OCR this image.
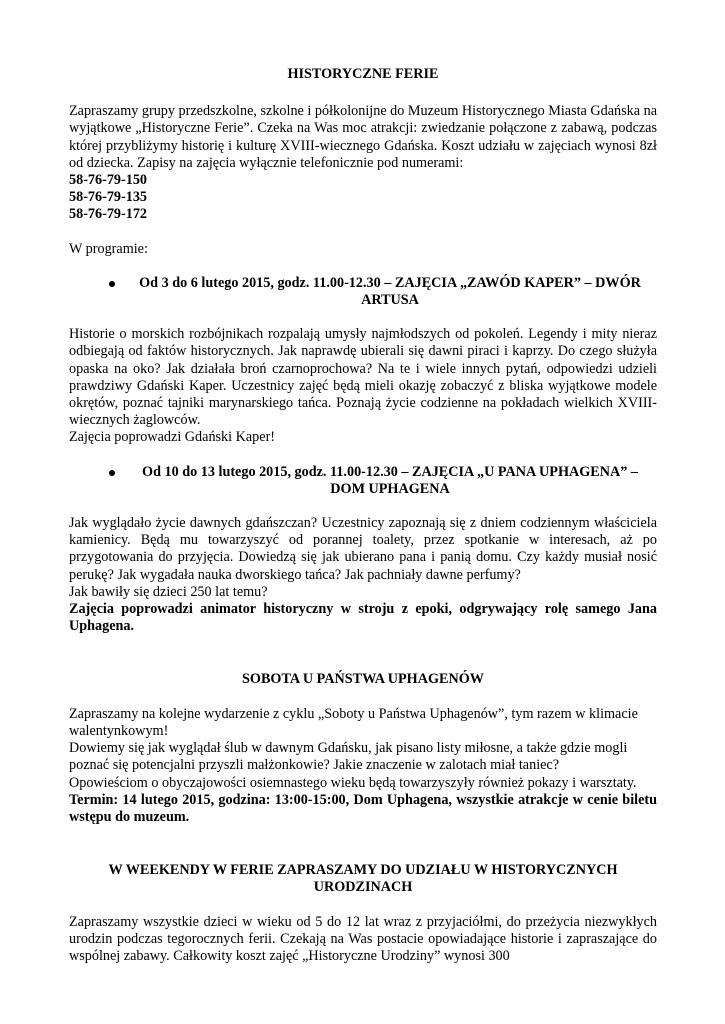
HISTORYCZNE FERIE

Zapraszamy grupy przedszkolne, szkolne i półkolonijne do Muzeum Historycznego Miasta Gdańska na wyjątkowe „Historyczne Ferie”. Czeka na Was moc atrakcji: zwiedzanie połączone z zabawą, podczas której przybliżymy historię i kulturę XVIII-wiecznego Gdańska. Koszt udziału w zajęciach wynosi 8zł od dziecka. Zapisy na zajęcia wyłącznie telefonicznie pod numerami:

58-76-79-150

58-76-79-135

58-76-79-172

W programie:

Od 3 do 6 lutego 2015, godz. 11.00-12.30 – ZAJĘCIA „ZAWÓD KAPER” – DWÓR ARTUSA

Historie o morskich rozbójnikach rozpalają umysły najmłodszych od pokoleń. Legendy i mity nieraz odbiegają od faktów historycznych. Jak naprawdę ubierali się dawni piraci i kaprzy. Do czego służyła opaska na oko? Jak działała broń czarnoprochowa? Na te i wiele innych pytań, odpowiedzi udzieli prawdziwy Gdański Kaper. Uczestnicy zajęć będą mieli okazję zobaczyć z bliska wyjątkowe modele okrętów, poznać tajniki marynarskiego tańca. Poznają życie codzienne na pokładach wielkich XVIII-wiecznych żaglowców.

Zajęcia poprowadzi Gdański Kaper!

Od 10 do 13 lutego 2015, godz. 11.00-12.30 – ZAJĘCIA „U PANA UPHAGENA” – DOM UPHAGENA

Jak wyglądało życie dawnych gdańszczan? Uczestnicy zapoznają się z dniem codziennym właściciela kamienicy. Będą mu towarzyszyć od porannej toalety, przez spotkanie w interesach, aż po przygotowania do przyjęcia. Dowiedzą się jak ubierano pana i panią domu. Czy każdy musiał nosić perukę? Jak wygadała nauka dworskiego tańca? Jak pachniały dawne perfumy?

Jak bawiły się dzieci 250 lat temu?

Zajęcia poprowadzi animator historyczny w stroju z epoki, odgrywający rolę samego Jana Uphagena.

SOBOTA U PAŃSTWA UPHAGENÓW

Zapraszamy na kolejne wydarzenie z cyklu „Soboty u Państwa Uphagenów”, tym razem w klimacie walentynkowym!

Dowiemy się jak wyglądał ślub w dawnym Gdańsku, jak pisano listy miłosne, a także gdzie mogli poznać się potencjalni przyszli małżonkowie? Jakie znaczenie w zalotach miał taniec?

Opowieściom o obyczajowości osiemnastego wieku będą towarzyszyły również pokazy i warsztaty.

Termin: 14 lutego 2015, godzina: 13:00-15:00, Dom Uphagena, wszystkie atrakcje w cenie biletu wstępu do muzeum.

W WEEKENDY W FERIE ZAPRASZAMY DO UDZIAŁU W HISTORYCZNYCH URODZINACH

Zapraszamy wszystkie dzieci w wieku od 5 do 12 lat wraz z przyjaciółmi, do przeżycia niezwykłych urodzin podczas tegorocznych ferii. Czekają na Was postacie opowiadające historie i zapraszające do wspólnej zabawy. Całkowity koszt zajęć „Historyczne Urodziny” wynosi 300
